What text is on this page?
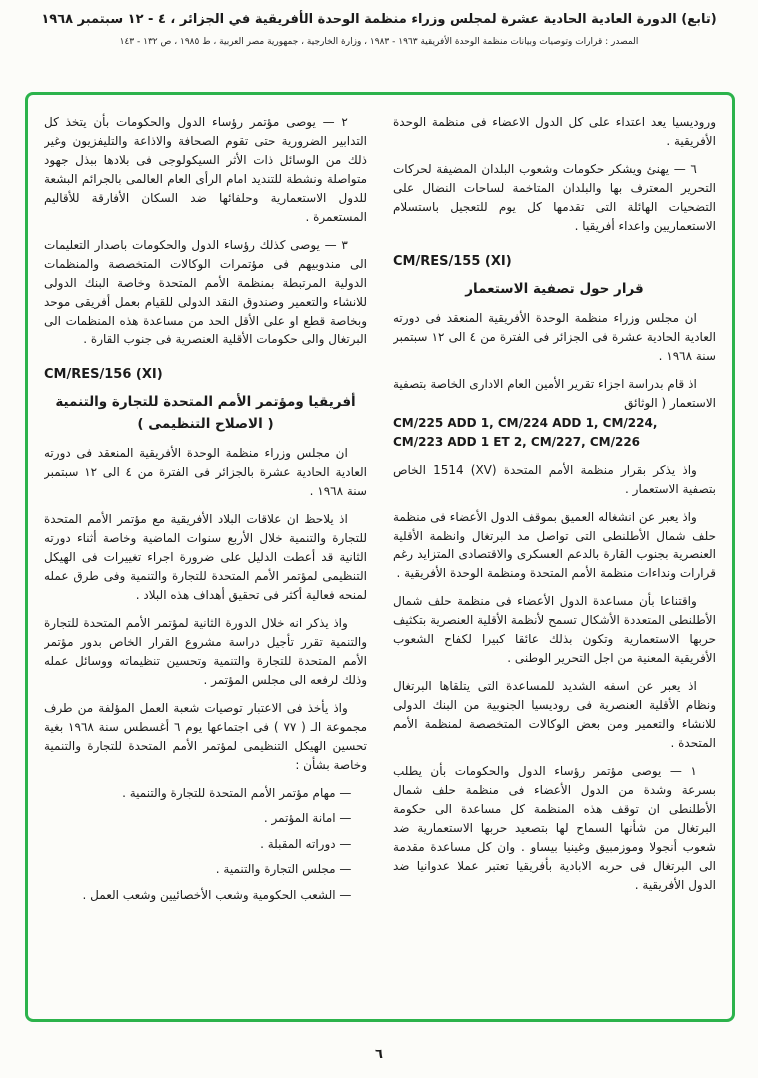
(تابع) الدورة العادية الحادية عشرة لمجلس وزراء منظمة الوحدة الأفريقية في الجزائر ، ٤ - ١٢ سبتمبر ١٩٦٨
المصدر : قرارات وتوصيات وبيانات منظمة الوحدة الأفريقية ١٩٦٣ - ١٩٨٣ ، وزارة الخارجية ، جمهورية مصر العربية ، ط ١٩٨٥ ، ص ١٣٢ - ١٤٣

وروديسيا يعد اعتداء على كل الدول الاعضاء فى منظمة الوحدة الأفريقية .

٦ — يهنئ ويشكر حكومات وشعوب البلدان المضيفة لحركات التحرير المعترف بها والبلدان المتاخمة لساحات النضال على التضحيات الهائلة التى تقدمها كل يوم للتعجيل باستسلام الاستعماريين واعداء أفريقيا .

CM/RES/155 (XI)
قرار حول تصفية الاستعمار

ان مجلس وزراء منظمة الوحدة الأفريقية المنعقد فى دورته العادية الحادية عشرة فى الجزائر فى الفترة من ٤ الى ١٢ سبتمبر سنة ١٩٦٨ .

اذ قام بدراسة اجزاء تقرير الأمين العام الادارى الخاصة بتصفية الاستعمار ( الوثائق

CM/225 ADD 1, CM/224 ADD 1, CM/224,
CM/223 ADD 1 ET 2, CM/227, CM/226

واذ يذكر بقرار منظمة الأمم المتحدة (XV) 1514 الخاص بتصفية الاستعمار .

واذ يعبر عن انشغاله العميق بموقف الدول الأعضاء فى منظمة حلف شمال الأطلنطى التى تواصل مد البرتغال وانظمة الأقلية العنصرية بجنوب القارة بالدعم العسكرى والاقتصادى المتزايد رغم قرارات ونداءات منظمة الأمم المتحدة ومنظمة الوحدة الأفريقية .

واقتناعا بأن مساعدة الدول الأعضاء فى منظمة حلف شمال الأطلنطى المتعددة الأشكال تسمح لأنظمة الأقلية العنصرية بتكثيف حربها الاستعمارية وتكون بذلك عائقا كبيرا لكفاح الشعوب الأفريقية المعنية من اجل التحرير الوطنى .

اذ يعبر عن اسفه الشديد للمساعدة التى يتلقاها البرتغال ونظام الأقلية العنصرية فى روديسيا الجنوبية من البنك الدولى للانشاء والتعمير ومن بعض الوكالات المتخصصة لمنظمة الأمم المتحدة .

١ — يوصى مؤتمر رؤساء الدول والحكومات بأن يطلب بسرعة وشدة من الدول الأعضاء فى منظمة حلف شمال الأطلنطى ان توقف هذه المنظمة كل مساعدة الى حكومة البرتغال من شأنها السماح لها بتصعيد حربها الاستعمارية ضد شعوب أنجولا وموزمبيق وغينيا بيساو . وان كل مساعدة مقدمة الى البرتغال فى حربه الابادية بأفريقيا تعتبر عملا عدوانيا ضد الدول الأفريقية .

٢ — يوصى مؤتمر رؤساء الدول والحكومات بأن يتخذ كل التدابير الضرورية حتى تقوم الصحافة والاذاعة والتليفزيون وغير ذلك من الوسائل ذات الأثر السيكولوجى فى بلادها ببذل جهود متواصلة ونشطة للتنديد امام الرأى العام العالمى بالجرائم البشعة للدول الاستعمارية وحلفائها ضد السكان الأفارقة للأقاليم المستعمرة .

٣ — يوصى كذلك رؤساء الدول والحكومات باصدار التعليمات الى مندوبيهم فى مؤتمرات الوكالات المتخصصة والمنظمات الدولية المرتبطة بمنظمة الأمم المتحدة وخاصة البنك الدولى للانشاء والتعمير وصندوق النقد الدولى للقيام بعمل أفريقى موحد وبخاصة قطع او على الأقل الحد من مساعدة هذه المنظمات الى البرتغال والى حكومات الأقلية العنصرية فى جنوب القارة .

CM/RES/156 (XI)
أفريقيا ومؤتمر الأمم المتحدة للتجارة والتنمية
( الاصلاح التنظيمى )

ان مجلس وزراء منظمة الوحدة الأفريقية المنعقد فى دورته العادية الحادية عشرة بالجزائر فى الفترة من ٤ الى ١٢ سبتمبر سنة ١٩٦٨ .

اذ يلاحظ ان علاقات البلاد الأفريقية مع مؤتمر الأمم المتحدة للتجارة والتنمية خلال الأربع سنوات الماضية وخاصة أثناء دورته الثانية قد أعطت الدليل على ضرورة اجراء تغييرات فى الهيكل التنظيمى لمؤتمر الأمم المتحدة للتجارة والتنمية وفى طرق عمله لمنحه فعالية أكثر فى تحقيق أهداف هذه البلاد .

واذ يذكر انه خلال الدورة الثانية لمؤتمر الأمم المتحدة للتجارة والتنمية تقرر تأجيل دراسة مشروع القرار الخاص بدور مؤتمر الأمم المتحدة للتجارة والتنمية وتحسين تنظيماته ووسائل عمله وذلك لرفعه الى مجلس المؤتمر .

واذ يأخذ فى الاعتبار توصيات شعبة العمل المؤلفة من طرف مجموعة الـ ( ٧٧ ) فى اجتماعها يوم ٦ أغسطس سنة ١٩٦٨ بغية تحسين الهيكل التنظيمى لمؤتمر الأمم المتحدة للتجارة والتنمية وخاصة بشأن :

— مهام مؤتمر الأمم المتحدة للتجارة والتنمية .
— امانة المؤتمر .
— دوراته المقبلة .
— مجلس التجارة والتنمية .
— الشعب الحكومية وشعب الأخصائيين وشعب العمل .
٦
